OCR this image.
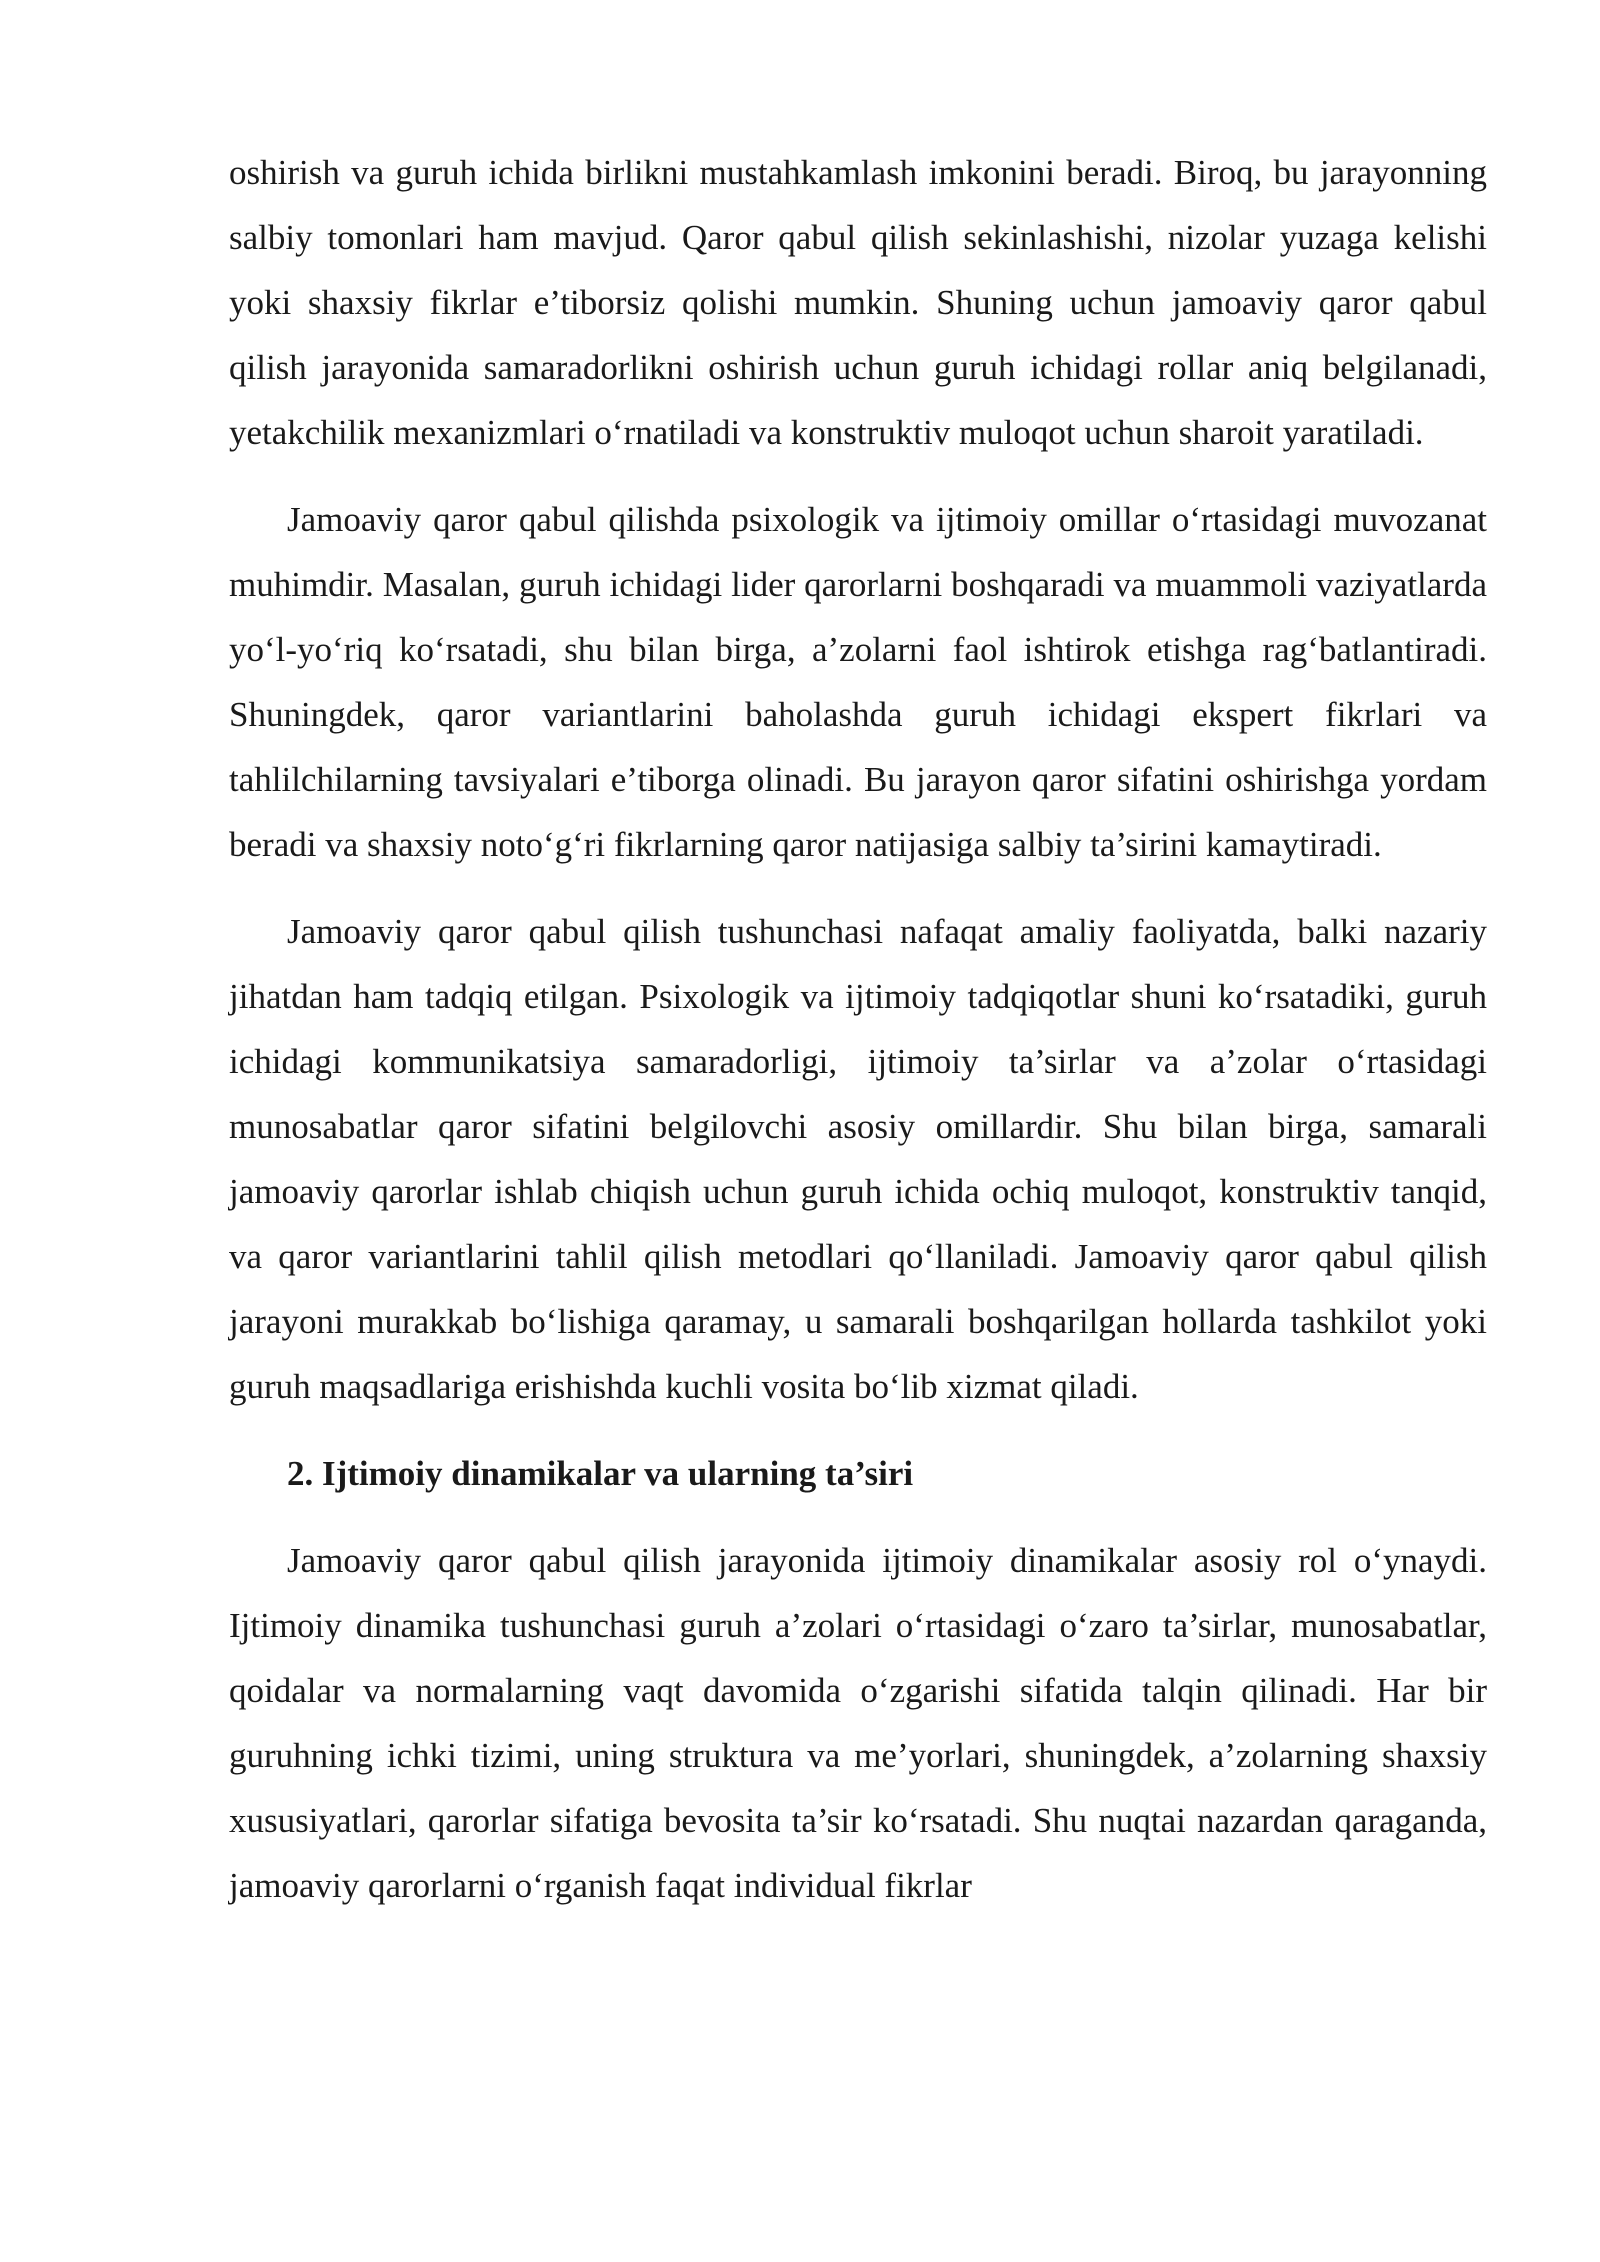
oshirish va guruh ichida birlikni mustahkamlash imkonini beradi. Biroq, bu jarayonning salbiy tomonlari ham mavjud. Qaror qabul qilish sekinlashishi, nizolar yuzaga kelishi yoki shaxsiy fikrlar e’tiborsiz qolishi mumkin. Shuning uchun jamoaviy qaror qabul qilish jarayonida samaradorlikni oshirish uchun guruh ichidagi rollar aniq belgilanadi, yetakchilik mexanizmlari o‘rnatiladi va konstruktiv muloqot uchun sharoit yaratiladi.

Jamoaviy qaror qabul qilishda psixologik va ijtimoiy omillar o‘rtasidagi muvozanat muhimdir. Masalan, guruh ichidagi lider qarorlarni boshqaradi va muammoli vaziyatlarda yo‘l-yo‘riq ko‘rsatadi, shu bilan birga, a’zolarni faol ishtirok etishga rag‘batlantiradi. Shuningdek, qaror variantlarini baholashda guruh ichidagi ekspert fikrlari va tahlilchilarning tavsiyalari e’tiborga olinadi. Bu jarayon qaror sifatini oshirishga yordam beradi va shaxsiy noto‘g‘ri fikrlarning qaror natijasiga salbiy ta’sirini kamaytiradi.

Jamoaviy qaror qabul qilish tushunchasi nafaqat amaliy faoliyatda, balki nazariy jihatdan ham tadqiq etilgan. Psixologik va ijtimoiy tadqiqotlar shuni ko‘rsatadiki, guruh ichidagi kommunikatsiya samaradorligi, ijtimoiy ta’sirlar va a’zolar o‘rtasidagi munosabatlar qaror sifatini belgilovchi asosiy omillardir. Shu bilan birga, samarali jamoaviy qarorlar ishlab chiqish uchun guruh ichida ochiq muloqot, konstruktiv tanqid, va qaror variantlarini tahlil qilish metodlari qo‘llaniladi. Jamoaviy qaror qabul qilish jarayoni murakkab bo‘lishiga qaramay, u samarali boshqarilgan hollarda tashkilot yoki guruh maqsadlariga erishishda kuchli vosita bo‘lib xizmat qiladi.

2. Ijtimoiy dinamikalar va ularning ta’siri

Jamoaviy qaror qabul qilish jarayonida ijtimoiy dinamikalar asosiy rol o‘ynaydi. Ijtimoiy dinamika tushunchasi guruh a’zolari o‘rtasidagi o‘zaro ta’sirlar, munosabatlar, qoidalar va normalarning vaqt davomida o‘zgarishi sifatida talqin qilinadi. Har bir guruhning ichki tizimi, uning struktura va me’yorlari, shuningdek, a’zolarning shaxsiy xususiyatlari, qarorlar sifatiga bevosita ta’sir ko‘rsatadi. Shu nuqtai nazardan qaraganda, jamoaviy qarorlarni o‘rganish faqat individual fikrlar
